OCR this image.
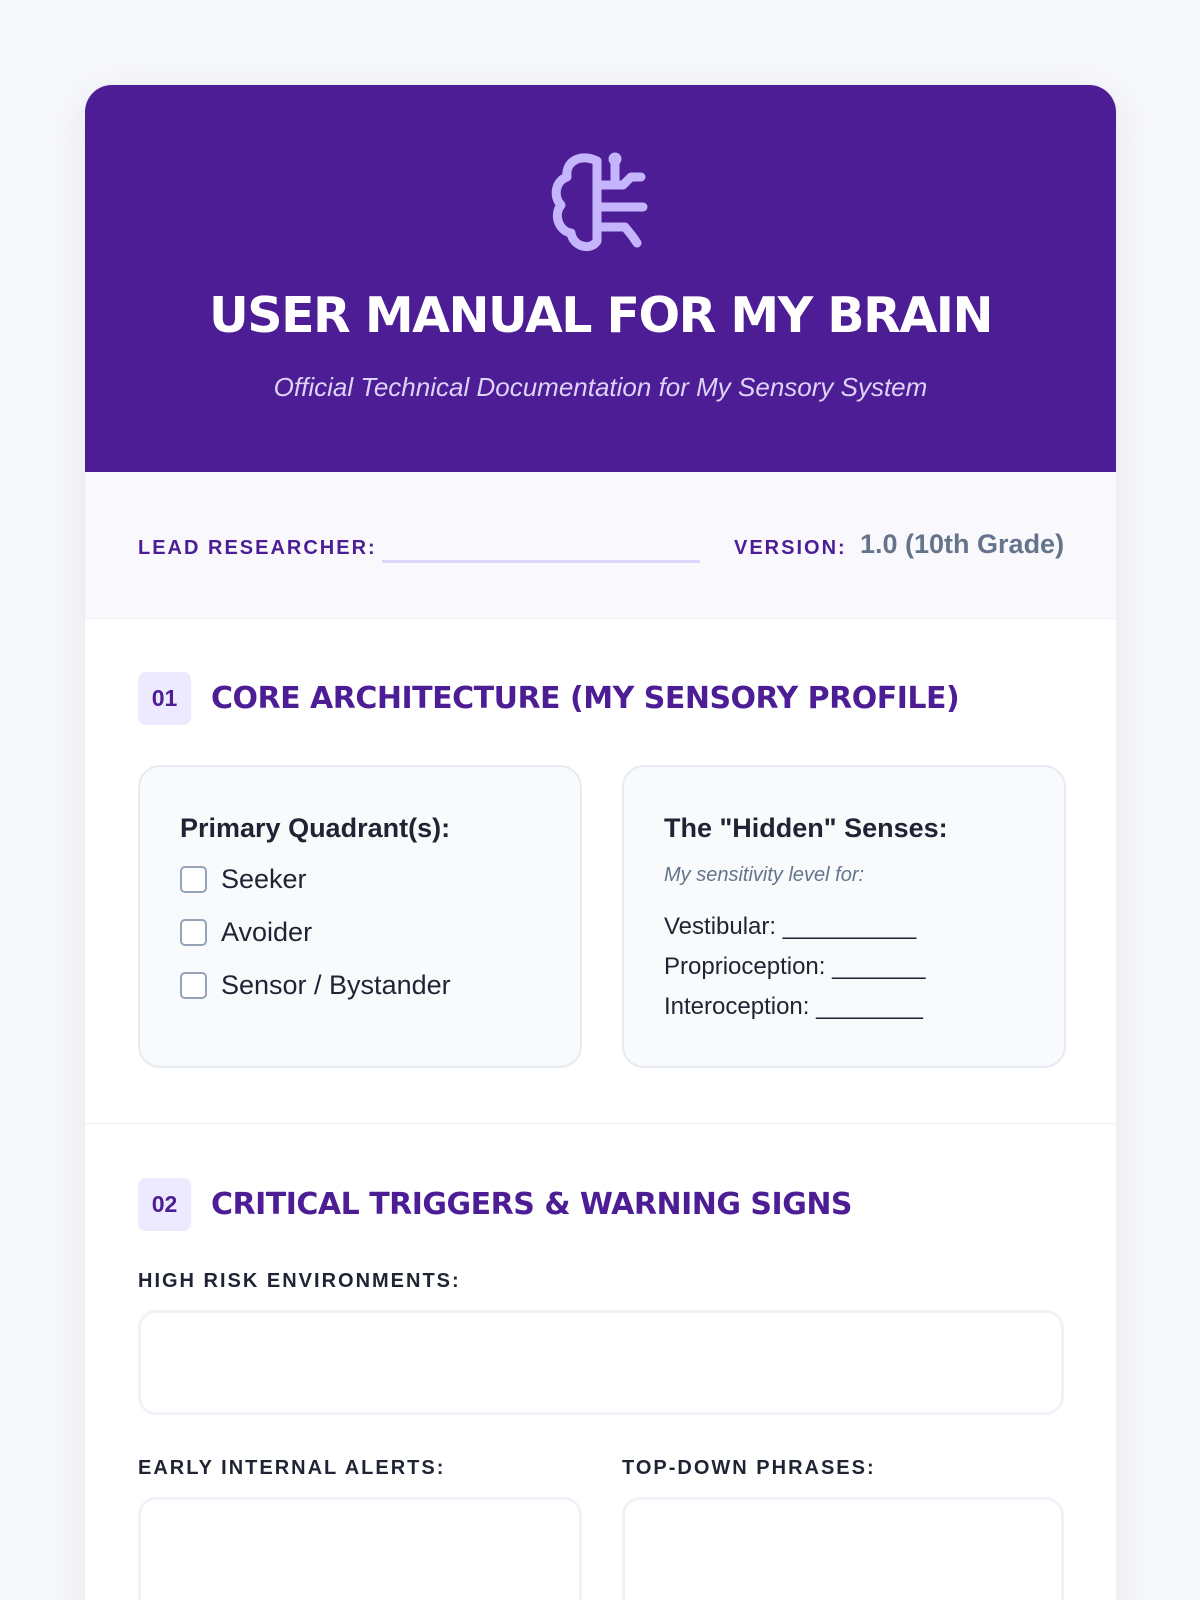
USER MANUAL FOR MY BRAIN
Official Technical Documentation for My Sensory System
LEAD RESEARCHER:	VERSION: 1.0 (10th Grade)
01	CORE ARCHITECTURE (MY SENSORY PROFILE)
Primary Quadrant(s):
Seeker
Avoider
Sensor / Bystander
The "Hidden" Senses:
My sensitivity level for:
Vestibular: __________
Proprioception: _______
Interoception: ________
02	CRITICAL TRIGGERS & WARNING SIGNS
HIGH RISK ENVIRONMENTS:
EARLY INTERNAL ALERTS:	TOP-DOWN PHRASES:
